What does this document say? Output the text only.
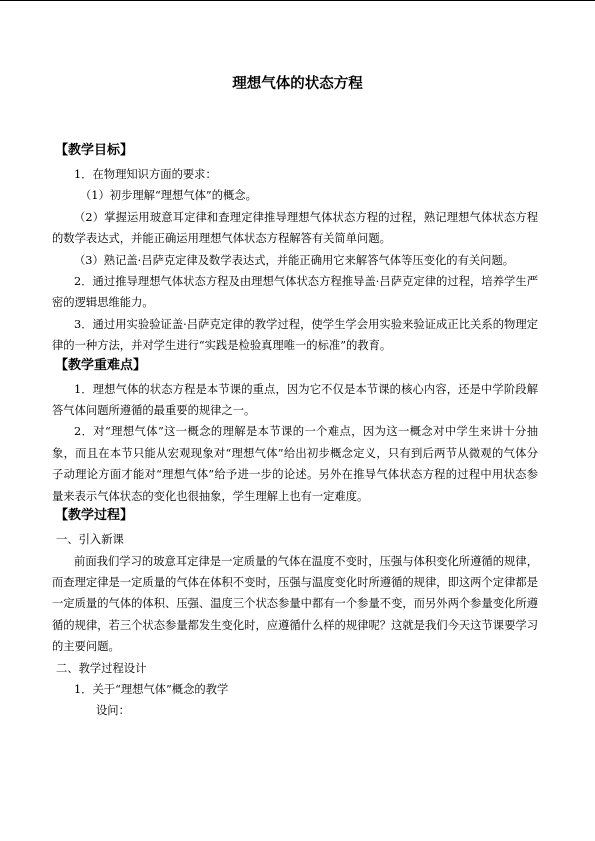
理想气体的状态方程
【教学目标】
1．在物理知识方面的要求：
（1）初步理解“理想气体”的概念。
（2）掌握运用玻意耳定律和查理定律推导理想气体状态方程的过程，熟记理想气体状态方程的数学表达式，并能正确运用理想气体状态方程解答有关简单问题。
（3）熟记盖·吕萨克定律及数学表达式，并能正确用它来解答气体等压变化的有关问题。
2．通过推导理想气体状态方程及由理想气体状态方程推导盖·吕萨克定律的过程，培养学生严密的逻辑思维能力。
3．通过用实验验证盖·吕萨克定律的教学过程，使学生学会用实验来验证成正比关系的物理定律的一种方法，并对学生进行“实践是检验真理唯一的标准”的教育。
【教学重难点】
1．理想气体的状态方程是本节课的重点，因为它不仅是本节课的核心内容，还是中学阶段解答气体问题所遵循的最重要的规律之一。
2．对“理想气体”这一概念的理解是本节课的一个难点，因为这一概念对中学生来讲十分抽象，而且在本节只能从宏观现象对“理想气体”给出初步概念定义，只有到后两节从微观的气体分子动理论方面才能对“理想气体”给予进一步的论述。另外在推导气体状态方程的过程中用状态参量来表示气体状态的变化也很抽象，学生理解上也有一定难度。
【教学过程】
一、引入新课
前面我们学习的玻意耳定律是一定质量的气体在温度不变时，压强与体积变化所遵循的规律，而查理定律是一定质量的气体在体积不变时，压强与温度变化时所遵循的规律，即这两个定律都是一定质量的气体的体积、压强、温度三个状态参量中都有一个参量不变，而另外两个参量变化所遵循的规律，若三个状态参量都发生变化时，应遵循什么样的规律呢？这就是我们今天这节课要学习的主要问题。
二、教学过程设计
1．关于“理想气体”概念的教学
设问：
